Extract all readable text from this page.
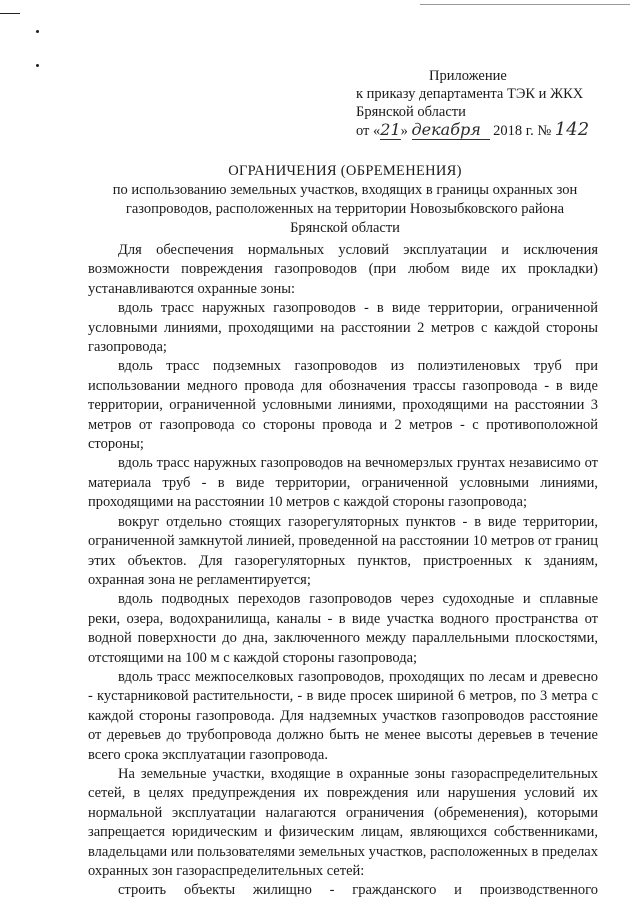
Приложение
к приказу департамента ТЭК и ЖКХ
Брянской области
от «21» декабря 2018 г. № 142
ОГРАНИЧЕНИЯ (ОБРЕМЕНЕНИЯ)
по использованию земельных участков, входящих в границы охранных зон
газопроводов, расположенных на территории Новозыбковского района
Брянской области

Для обеспечения нормальных условий эксплуатации и исключения возможности повреждения газопроводов (при любом виде их прокладки) устанавливаются охранные зоны:

вдоль трасс наружных газопроводов - в виде территории, ограниченной условными линиями, проходящими на расстоянии 2 метров с каждой стороны газопровода;

вдоль трасс подземных газопроводов из полиэтиленовых труб при использовании медного провода для обозначения трассы газопровода - в виде территории, ограниченной условными линиями, проходящими на расстоянии 3 метров от газопровода со стороны провода и 2 метров - с противоположной стороны;

вдоль трасс наружных газопроводов на вечномерзлых грунтах независимо от материала труб - в виде территории, ограниченной условными линиями, проходящими на расстоянии 10 метров с каждой стороны газопровода;

вокруг отдельно стоящих газорегуляторных пунктов - в виде территории, ограниченной замкнутой линией, проведенной на расстоянии 10 метров от границ этих объектов. Для газорегуляторных пунктов, пристроенных к зданиям, охранная зона не регламентируется;

вдоль подводных переходов газопроводов через судоходные и сплавные реки, озера, водохранилища, каналы - в виде участка водного пространства от водной поверхности до дна, заключенного между параллельными плоскостями, отстоящими на 100 м с каждой стороны газопровода;

вдоль трасс межпоселковых газопроводов, проходящих по лесам и древесно - кустарниковой растительности, - в виде просек шириной 6 метров, по 3 метра с каждой стороны газопровода. Для надземных участков газопроводов расстояние от деревьев до трубопровода должно быть не менее высоты деревьев в течение всего срока эксплуатации газопровода.

На земельные участки, входящие в охранные зоны газораспределительных сетей, в целях предупреждения их повреждения или нарушения условий их нормальной эксплуатации налагаются ограничения (обременения), которыми запрещается юридическим и физическим лицам, являющихся собственниками, владельцами или пользователями земельных участков, расположенных в пределах охранных зон газораспределительных сетей:

строить объекты жилищно - гражданского и производственного
